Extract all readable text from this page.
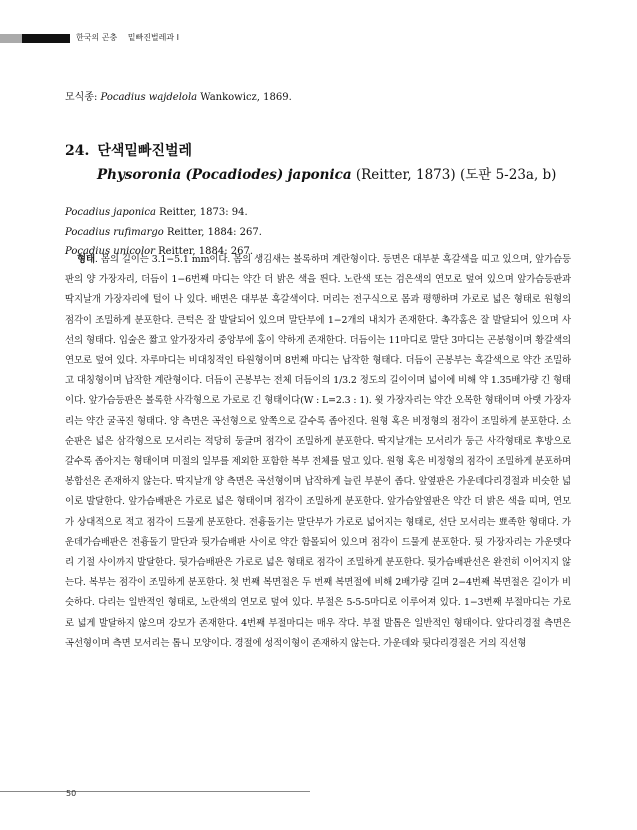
한국의 곤충 밑빠진벌레과 I
모식종: Pocadius wajdelola Wankowicz, 1869.
24. 단색밑빠진벌레
Physoronia (Pocadiodes) japonica (Reitter, 1873) (도판 5-23a, b)
Pocadius japonica Reitter, 1873: 94.
Pocadius rufimargo Reitter, 1884: 267.
Pocadius unicolor Reitter, 1884: 267.
형태. 몸의 길이는 3.1−5.1 mm이다. 몸의 생김새는 볼록하며 계란형이다. 등면은 대부분 흑갈색을 띠고 있으며, 앞가슴등판의 양 가장자리, 더듬이 1−6번째 마디는 약간 더 밝은 색을 띈다. 노란색 또는 검은색의 연모로 덮여 있으며 앞가슴등판과 딱지날개 가장자리에 털이 나 있다. 배면은 대부분 흑갈색이다. 머리는 전구식으로 몸과 평행하며 가로로 넓은 형태로 원형의 점각이 조밀하게 분포한다. 큰턱은 잘 발달되어 있으며 말단부에 1−2개의 내치가 존재한다. 촉각홈은 잘 발달되어 있으며 사선의 형태다. 입술은 짧고 앞가장자리 중앙부에 홈이 약하게 존재한다. 더듬이는 11마디로 말단 3마디는 곤봉형이며 황갈색의 연모로 덮여 있다. 자루마디는 비대칭적인 타원형이며 8번째 마디는 납작한 형태다. 더듬이 곤봉부는 흑갈색으로 약간 조밀하고 대칭형이며 납작한 계란형이다. 더듬이 곤봉부는 전체 더듬이의 1/3.2 정도의 길이이며 넓이에 비해 약 1.35배가량 긴 형태이다. 앞가슴등판은 볼록한 사각형으로 가로로 긴 형태이다(W : L=2.3 : 1). 윗 가장자리는 약간 오목한 형태이며 아랫 가장자리는 약간 굴곡진 형태다. 양 측면은 곡선형으로 앞쪽으로 갈수록 좁아진다. 원형 혹은 비정형의 점각이 조밀하게 분포한다. 소순판은 넓은 삼각형으로 모서리는 적당히 둥글며 점각이 조밀하게 분포한다. 딱지날개는 모서리가 둥근 사각형태로 후방으로 갈수록 좁아지는 형태이며 미절의 일부를 제외한 포함한 복부 전체를 덮고 있다. 원형 혹은 비정형의 점각이 조밀하게 분포하며 봉합선은 존재하지 않는다. 딱지날개 양 측면은 곡선형이며 납작하게 늘린 부분이 좁다. 앞옆판은 가운데다리경절과 비슷한 넓이로 발달한다. 앞가슴배판은 가로로 넓은 형태이며 점각이 조밀하게 분포한다. 앞가슴앞옆판은 약간 더 밝은 색을 띠며, 연모가 상대적으로 적고 점각이 드물게 분포한다. 전흉돌기는 말단부가 가로로 넓어지는 형태로, 선단 모서리는 뾰족한 형태다. 가운데가슴배판은 전흉돌기 말단과 뒷가슴배판 사이로 약간 함몰되어 있으며 점각이 드물게 분포한다. 뒷 가장자리는 가운뎃다리 기절 사이까지 발달한다. 뒷가슴배판은 가로로 넓은 형태로 점각이 조밀하게 분포한다. 뒷가슴배판선은 완전히 이어지지 않는다. 복부는 점각이 조밀하게 분포한다. 첫 번째 복면절은 두 번째 복면절에 비해 2배가량 길며 2−4번째 복면절은 길이가 비슷하다. 다리는 일반적인 형태로, 노란색의 연모로 덮여 있다. 부절은 5-5-5마디로 이루어져 있다. 1−3번째 부절마디는 가로로 넓게 발달하지 않으며 강모가 존재한다. 4번째 부절마디는 매우 작다. 부절 발톱은 일반적인 형태이다. 앞다리경절 측면은 곡선형이며 측면 모서리는 톱니 모양이다. 경절에 성적이형이 존재하지 않는다. 가운데와 뒷다리경절은 거의 직선형
50
